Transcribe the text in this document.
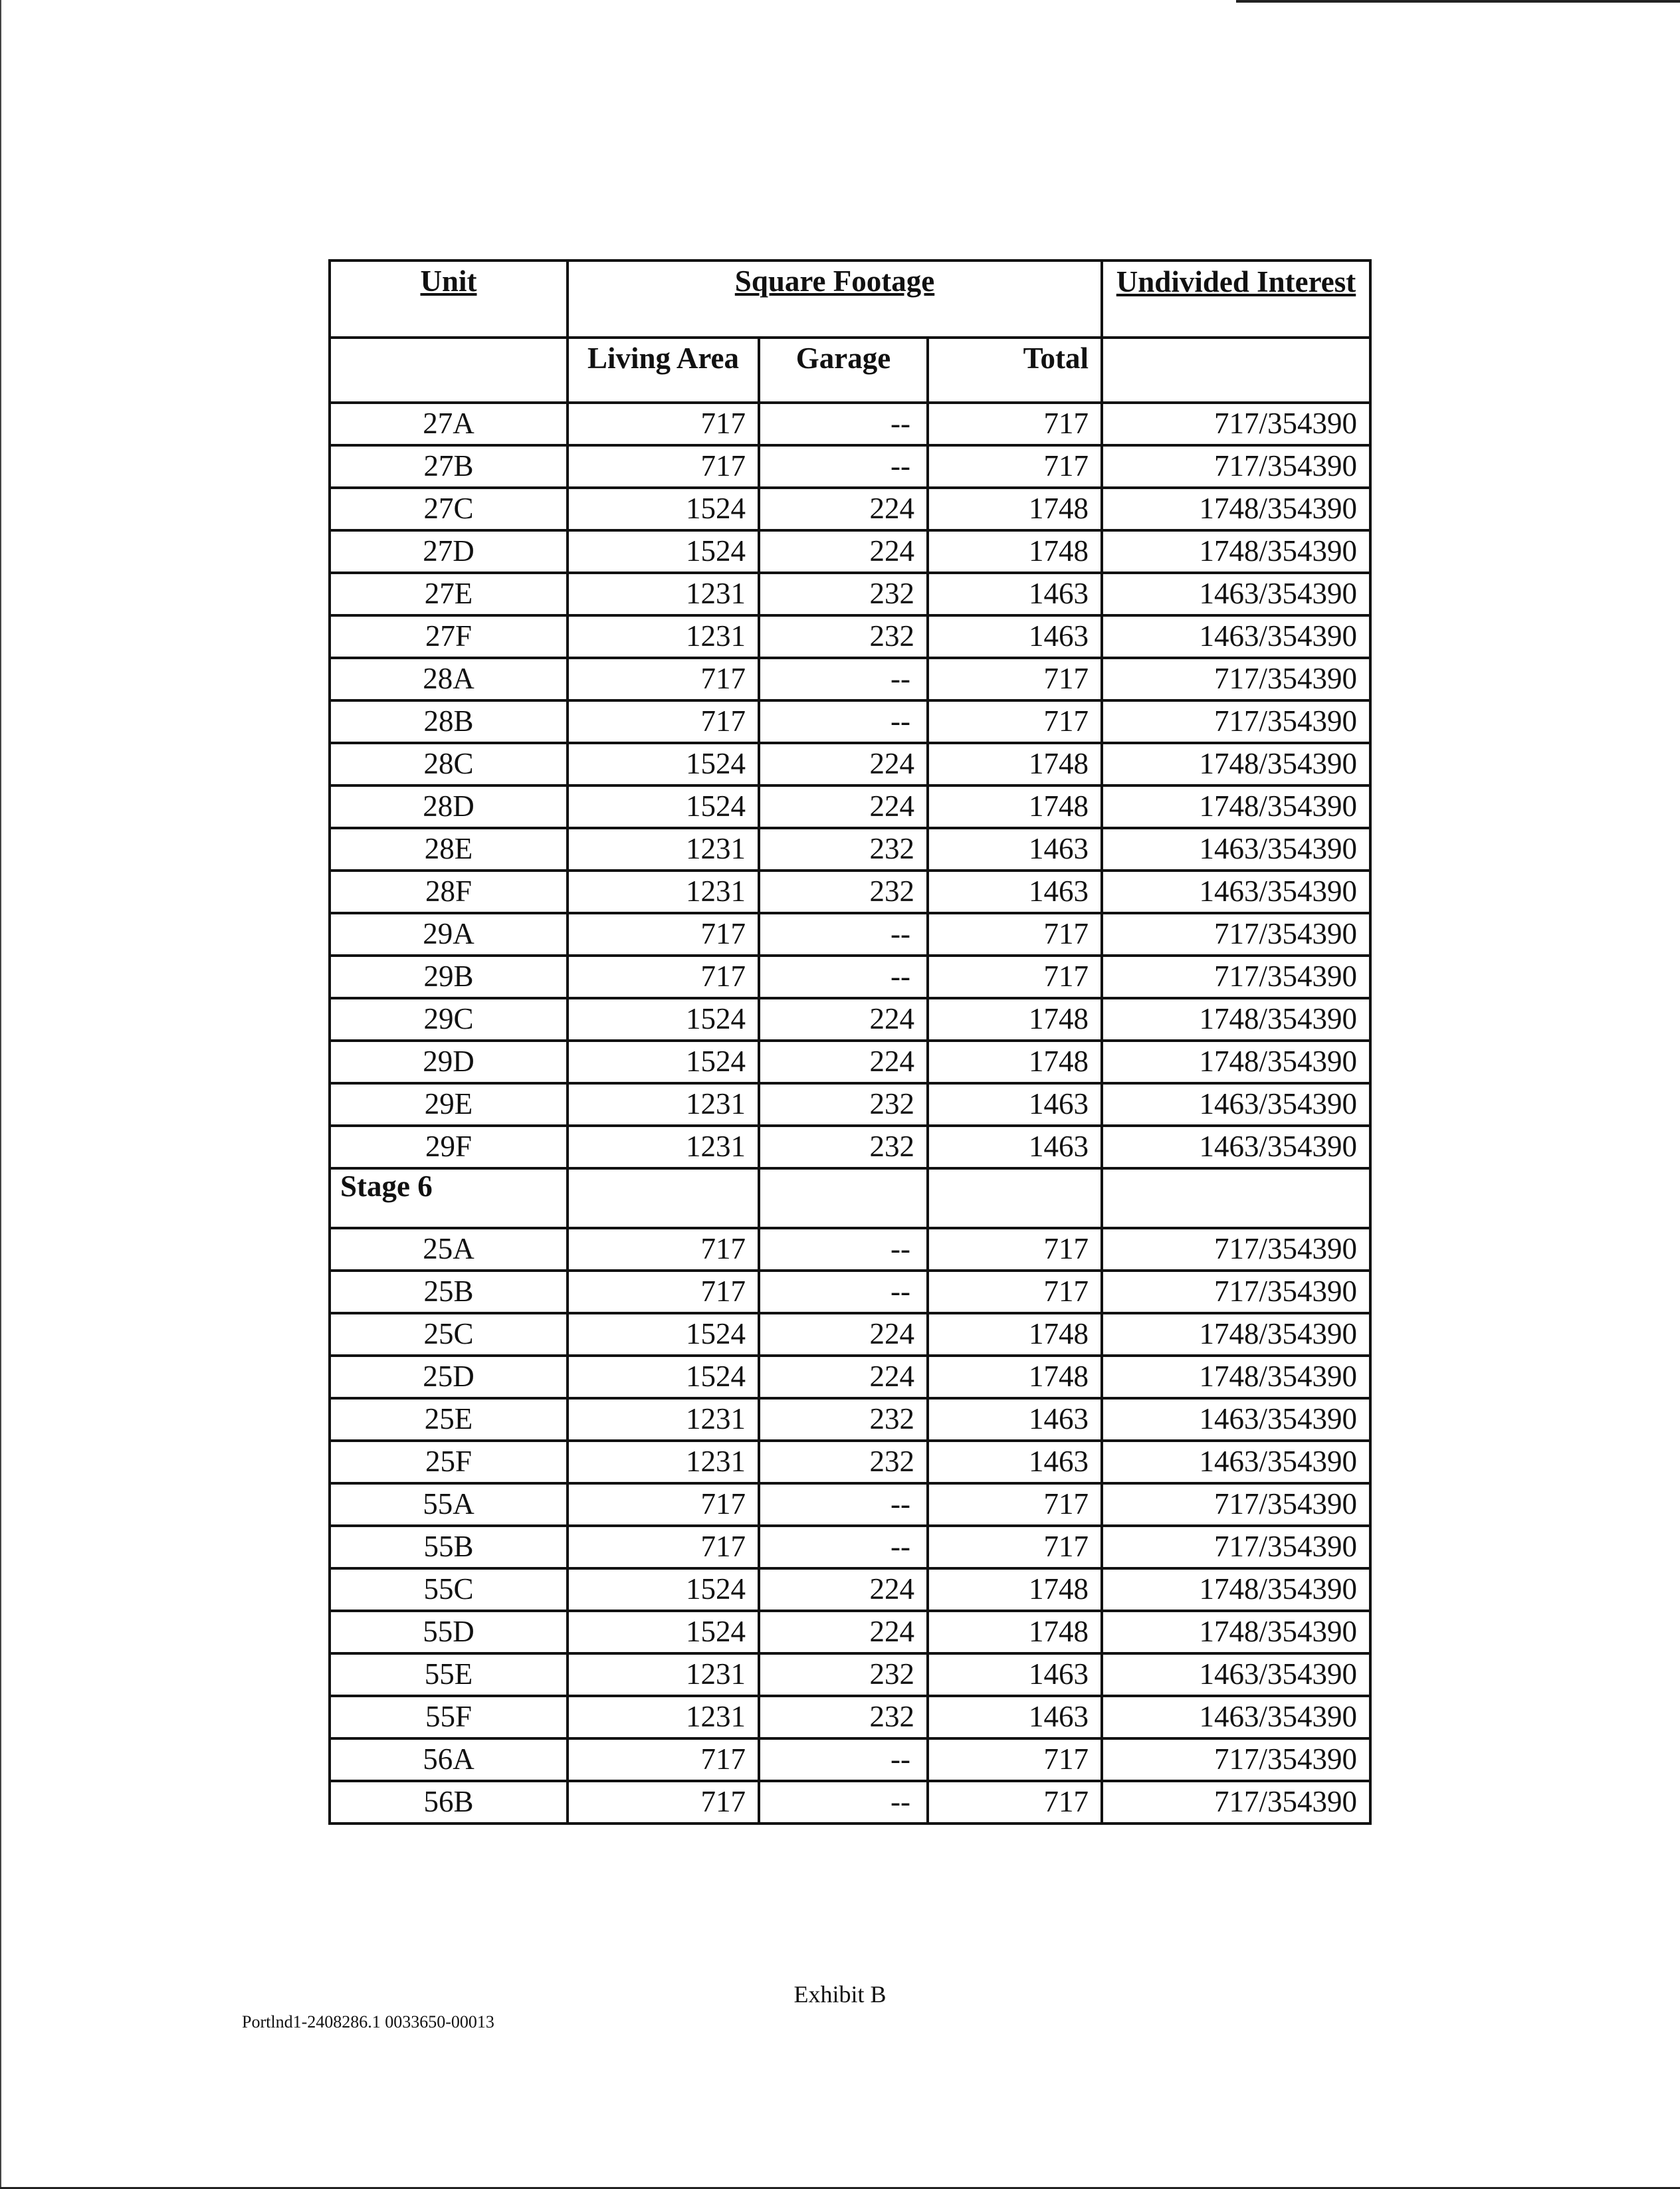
Unit	Square Footage			Undivided Interest
	Living Area	Garage	Total	
27A	717	--	717	717/354390
27B	717	--	717	717/354390
27C	1524	224	1748	1748/354390
27D	1524	224	1748	1748/354390
27E	1231	232	1463	1463/354390
27F	1231	232	1463	1463/354390
28A	717	--	717	717/354390
28B	717	--	717	717/354390
28C	1524	224	1748	1748/354390
28D	1524	224	1748	1748/354390
28E	1231	232	1463	1463/354390
28F	1231	232	1463	1463/354390
29A	717	--	717	717/354390
29B	717	--	717	717/354390
29C	1524	224	1748	1748/354390
29D	1524	224	1748	1748/354390
29E	1231	232	1463	1463/354390
29F	1231	232	1463	1463/354390
Stage 6				
25A	717	--	717	717/354390
25B	717	--	717	717/354390
25C	1524	224	1748	1748/354390
25D	1524	224	1748	1748/354390
25E	1231	232	1463	1463/354390
25F	1231	232	1463	1463/354390
55A	717	--	717	717/354390
55B	717	--	717	717/354390
55C	1524	224	1748	1748/354390
55D	1524	224	1748	1748/354390
55E	1231	232	1463	1463/354390
55F	1231	232	1463	1463/354390
56A	717	--	717	717/354390
56B	717	--	717	717/354390
Exhibit B
Portlnd1-2408286.1 0033650-00013
